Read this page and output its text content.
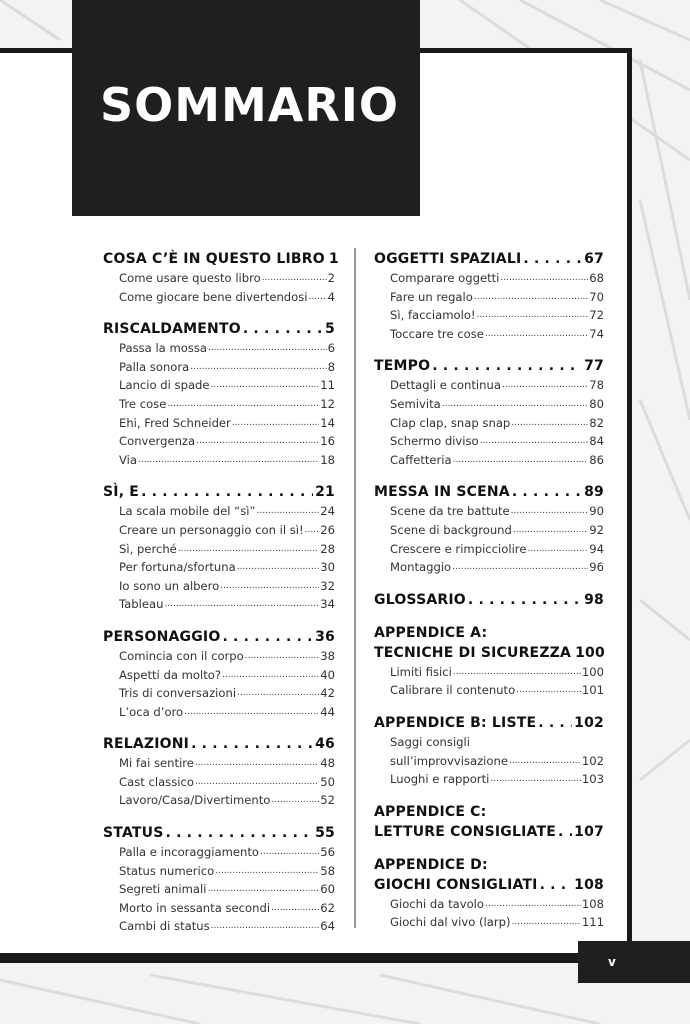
SOMMARIO
COSA C’È IN QUESTO LIBRO 1
Come usare questo libro .....	2
Come giocare bene divertendosi ..... 4
RISCALDAMENTO . . .	5
Passa la mossa .....	6
Palla sonora .....	8
Lancio di spade .....	11
Tre cose .....	12
Ehi, Fred Schneider .....	14
Convergenza .....	16
Via .....	18
SÌ, E . . .	21
La scala mobile del “sì” .....	24
Creare un personaggio con il sì! ..... 26
Sì, perché .....	28
Per fortuna/sfortuna .....	30
Io sono un albero .....	32
Tableau .....	34
PERSONAGGIO . . .	36
Comincia con il corpo .....	38
Aspetti da molto? .....	40
Tris di conversazioni .....	42
L’oca d’oro .....	44
RELAZIONI . . .	46
Mi fai sentire .....	48
Cast classico .....	50
Lavoro/Casa/Divertimento .....	52
STATUS . . .	55
Palla e incoraggiamento .....	56
Status numerico .....	58
Segreti animali .....	60
Morto in sessanta secondi .....	62
Cambi di status .....	64
OGGETTI SPAZIALI . . .	67
Comparare oggetti .....	68
Fare un regalo .....	70
Sì, facciamolo! .....	72
Toccare tre cose .....	74
TEMPO . . .	77
Dettagli e continua .....	78
Semivita .....	80
Clap clap, snap snap .....	82
Schermo diviso .....	84
Caffetteria .....	86
MESSA IN SCENA . . .	89
Scene da tre battute .....	90
Scene di background .....	92
Crescere e rimpicciolire .....	94
Montaggio .....	96
GLOSSARIO . . .	98
APPENDICE A:
TECNICHE DI SICUREZZA 100
Limiti fisici .....	100
Calibrare il contenuto .....	101
APPENDICE B: LISTE . . .	102
Saggi consigli
sull’improvvisazione .....	102
Luoghi e rapporti .....	103
APPENDICE C:
LETTURE CONSIGLIATE . . . 107
APPENDICE D:
GIOCHI CONSIGLIATI . . .	108
Giochi da tavolo .....	108
Giochi dal vivo (larp) .....	111
v
